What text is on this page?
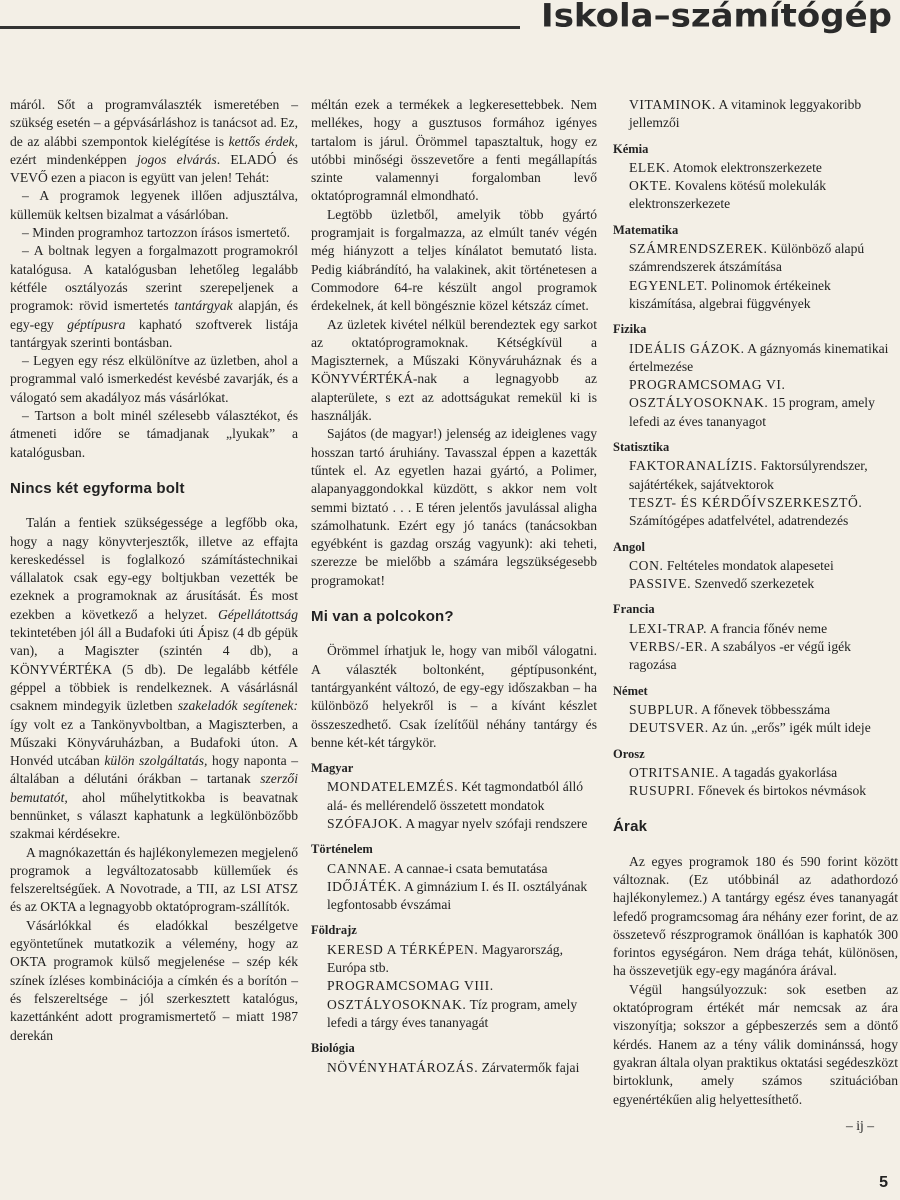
Iskola–számítógép

máról. Sőt a programválaszték ismeretében – szükség esetén – a gépvásárláshoz is tanácsot ad. Ez, de az alábbi szempontok kielégítése is kettős érdek, ezért mindenképpen jogos elvárás. ELADÓ és VEVŐ ezen a piacon is együtt van jelen! Tehát:

– A programok legyenek illően adjusztálva, küllemük keltsen bizalmat a vásárlóban.

– Minden programhoz tartozzon írásos ismertető.

– A boltnak legyen a forgalmazott programokról katalógusa. A katalógusban lehetőleg legalább kétféle osztályozás szerint szerepeljenek a programok: rövid ismertetés tantárgyak alapján, és egy-egy géptípusra kapható szoftverek listája tantárgyak szerinti bontásban.

– Legyen egy rész elkülönítve az üzletben, ahol a programmal való ismerkedést kevésbé zavarják, és a válogató sem akadályoz más vásárlókat.

– Tartson a bolt minél szélesebb választékot, és átmeneti időre se támadjanak „lyukak” a katalógusban.

Nincs két egyforma bolt

Talán a fentiek szükségessége a legfőbb oka, hogy a nagy könyvterjesztők, illetve az effajta kereskedéssel is foglalkozó számítástechnikai vállalatok csak egy-egy boltjukban vezették be ezeknek a programoknak az árusítását. És most ezekben a következő a helyzet. Gépellátottság tekintetében jól áll a Budafoki úti Ápisz (4 db gépük van), a Magiszter (szintén 4 db), a KÖNYVÉRTÉKA (5 db). De legalább kétféle géppel a többiek is rendelkeznek. A vásárlásnál csaknem mindegyik üzletben szakeladók segítenek: így volt ez a Tankönyvboltban, a Magiszterben, a Műszaki Könyváruházban, a Budafoki úton. A Honvéd utcában külön szolgáltatás, hogy naponta – általában a délutáni órákban – tartanak szerzői bemutatót, ahol műhelytitkokba is beavatnak bennünket, s választ kaphatunk a legkülönbözőbb szakmai kérdésekre.

A magnókazettán és hajlékonylemezen megjelenő programok a legváltozatosabb külleműek és felszereltségűek. A Novotrade, a TII, az LSI ATSZ és az OKTA a legnagyobb oktatóprogram-szállítók.

Vásárlókkal és eladókkal beszélgetve egyöntetűnek mutatkozik a vélemény, hogy az OKTA programok külső megjelenése – szép kék színek ízléses kombinációja a címkén és a borítón – és felszereltsége – jól szerkesztett katalógus, kazettánként adott programismertető – miatt 1987 derekán

méltán ezek a termékek a legkeresettebbek. Nem mellékes, hogy a gusztusos formához igényes tartalom is járul. Örömmel tapasztaltuk, hogy ez utóbbi minőségi összevetőre a fenti megállapítás szinte valamennyi forgalomban levő oktatóprogramnál elmondható.

Legtöbb üzletből, amelyik több gyártó programjait is forgalmazza, az elmúlt tanév végén még hiányzott a teljes kínálatot bemutató lista. Pedig kiábrándító, ha valakinek, akit történetesen a Commodore 64-re készült angol programok érdekelnek, át kell böngésznie közel kétszáz címet.

Az üzletek kivétel nélkül berendeztek egy sarkot az oktatóprogramoknak. Kétségkívül a Magiszternek, a Műszaki Könyváruháznak és a KÖNYVÉRTÉKÁ-nak a legnagyobb az alapterülete, s ezt az adottságukat remekül ki is használják.

Sajátos (de magyar!) jelenség az ideiglenes vagy hosszan tartó áruhiány. Tavasszal éppen a kazetták tűntek el. Az egyetlen hazai gyártó, a Polimer, alapanyaggondokkal küzdött, s akkor nem volt semmi biztató . . . E téren jelentős javulással aligha számolhatunk. Ezért egy jó tanács (tanácsokban egyébként is gazdag ország vagyunk): aki teheti, szerezze be mielőbb a számára legszükségesebb programokat!

Mi van a polcokon?

Örömmel írhatjuk le, hogy van miből válogatni. A választék boltonként, géptípusonként, tantárgyanként változó, de egy-egy időszakban – ha különböző helyekről is – a kívánt készlet összeszedhető. Csak ízelítőül néhány tantárgy és benne két-két tárgykör.

Magyar
MONDATELEMZÉS. Két tagmondatból álló alá- és mellérendelő összetett mondatok
SZÓFAJOK. A magyar nyelv szófaji rendszere
Történelem
CANNAE. A cannae-i csata bemutatása
IDŐJÁTÉK. A gimnázium I. és II. osztályának legfontosabb évszámai
Földrajz
KERESD A TÉRKÉPEN. Magyarország, Európa stb.
PROGRAMCSOMAG VIII. OSZTÁLYOSOKNAK. Tíz program, amely lefedi a tárgy éves tananyagát
Biológia
NÖVÉNYHATÁROZÁS. Zárvatermők fajai
VITAMINOK. A vitaminok leggyakoribb jellemzői
Kémia
ELEK. Atomok elektronszerkezete
OKTE. Kovalens kötésű molekulák elektronszerkezete
Matematika
SZÁMRENDSZEREK. Különböző alapú számrendszerek átszámítása
EGYENLET. Polinomok értékeinek kiszámítása, algebrai függvények
Fizika
IDEÁLIS GÁZOK. A gáznyomás kinematikai értelmezése
PROGRAMCSOMAG VI. OSZTÁLYOSOKNAK. 15 program, amely lefedi az éves tananyagot
Statisztika
FAKTORANALÍZIS. Faktorsúlyrendszer, sajátértékek, sajátvektorok
TESZT- ÉS KÉRDŐÍVSZERKESZTŐ. Számítógépes adatfelvétel, adatrendezés
Angol
CON. Feltételes mondatok alapesetei
PASSIVE. Szenvedő szerkezetek
Francia
LEXI-TRAP. A francia főnév neme
VERBS/-ER. A szabályos -er végű igék ragozása
Német
SUBPLUR. A főnevek többesszáma
DEUTSVER. Az ún. „erős” igék múlt ideje
Orosz
OTRITSANIE. A tagadás gyakorlása
RUSUPRI. Főnevek és birtokos névmások
Árak

Az egyes programok 180 és 590 forint között változnak. (Ez utóbbinál az adathordozó hajlékonylemez.) A tantárgy egész éves tananyagát lefedő programcsomag ára néhány ezer forint, de az összetevő részprogramok önállóan is kaphatók 300 forintos egységáron. Nem drága tehát, különösen, ha összevetjük egy-egy magánóra árával.

Végül hangsúlyozzuk: sok esetben az oktatóprogram értékét már nemcsak az ára viszonyítja; sokszor a gépbeszerzés sem a döntő kérdés. Hanem az a tény válik dominánssá, hogy gyakran általa olyan praktikus oktatási segédeszközt birtoklunk, amely számos szituációban egyenértékűen alig helyettesíthető.

– ij –
5
